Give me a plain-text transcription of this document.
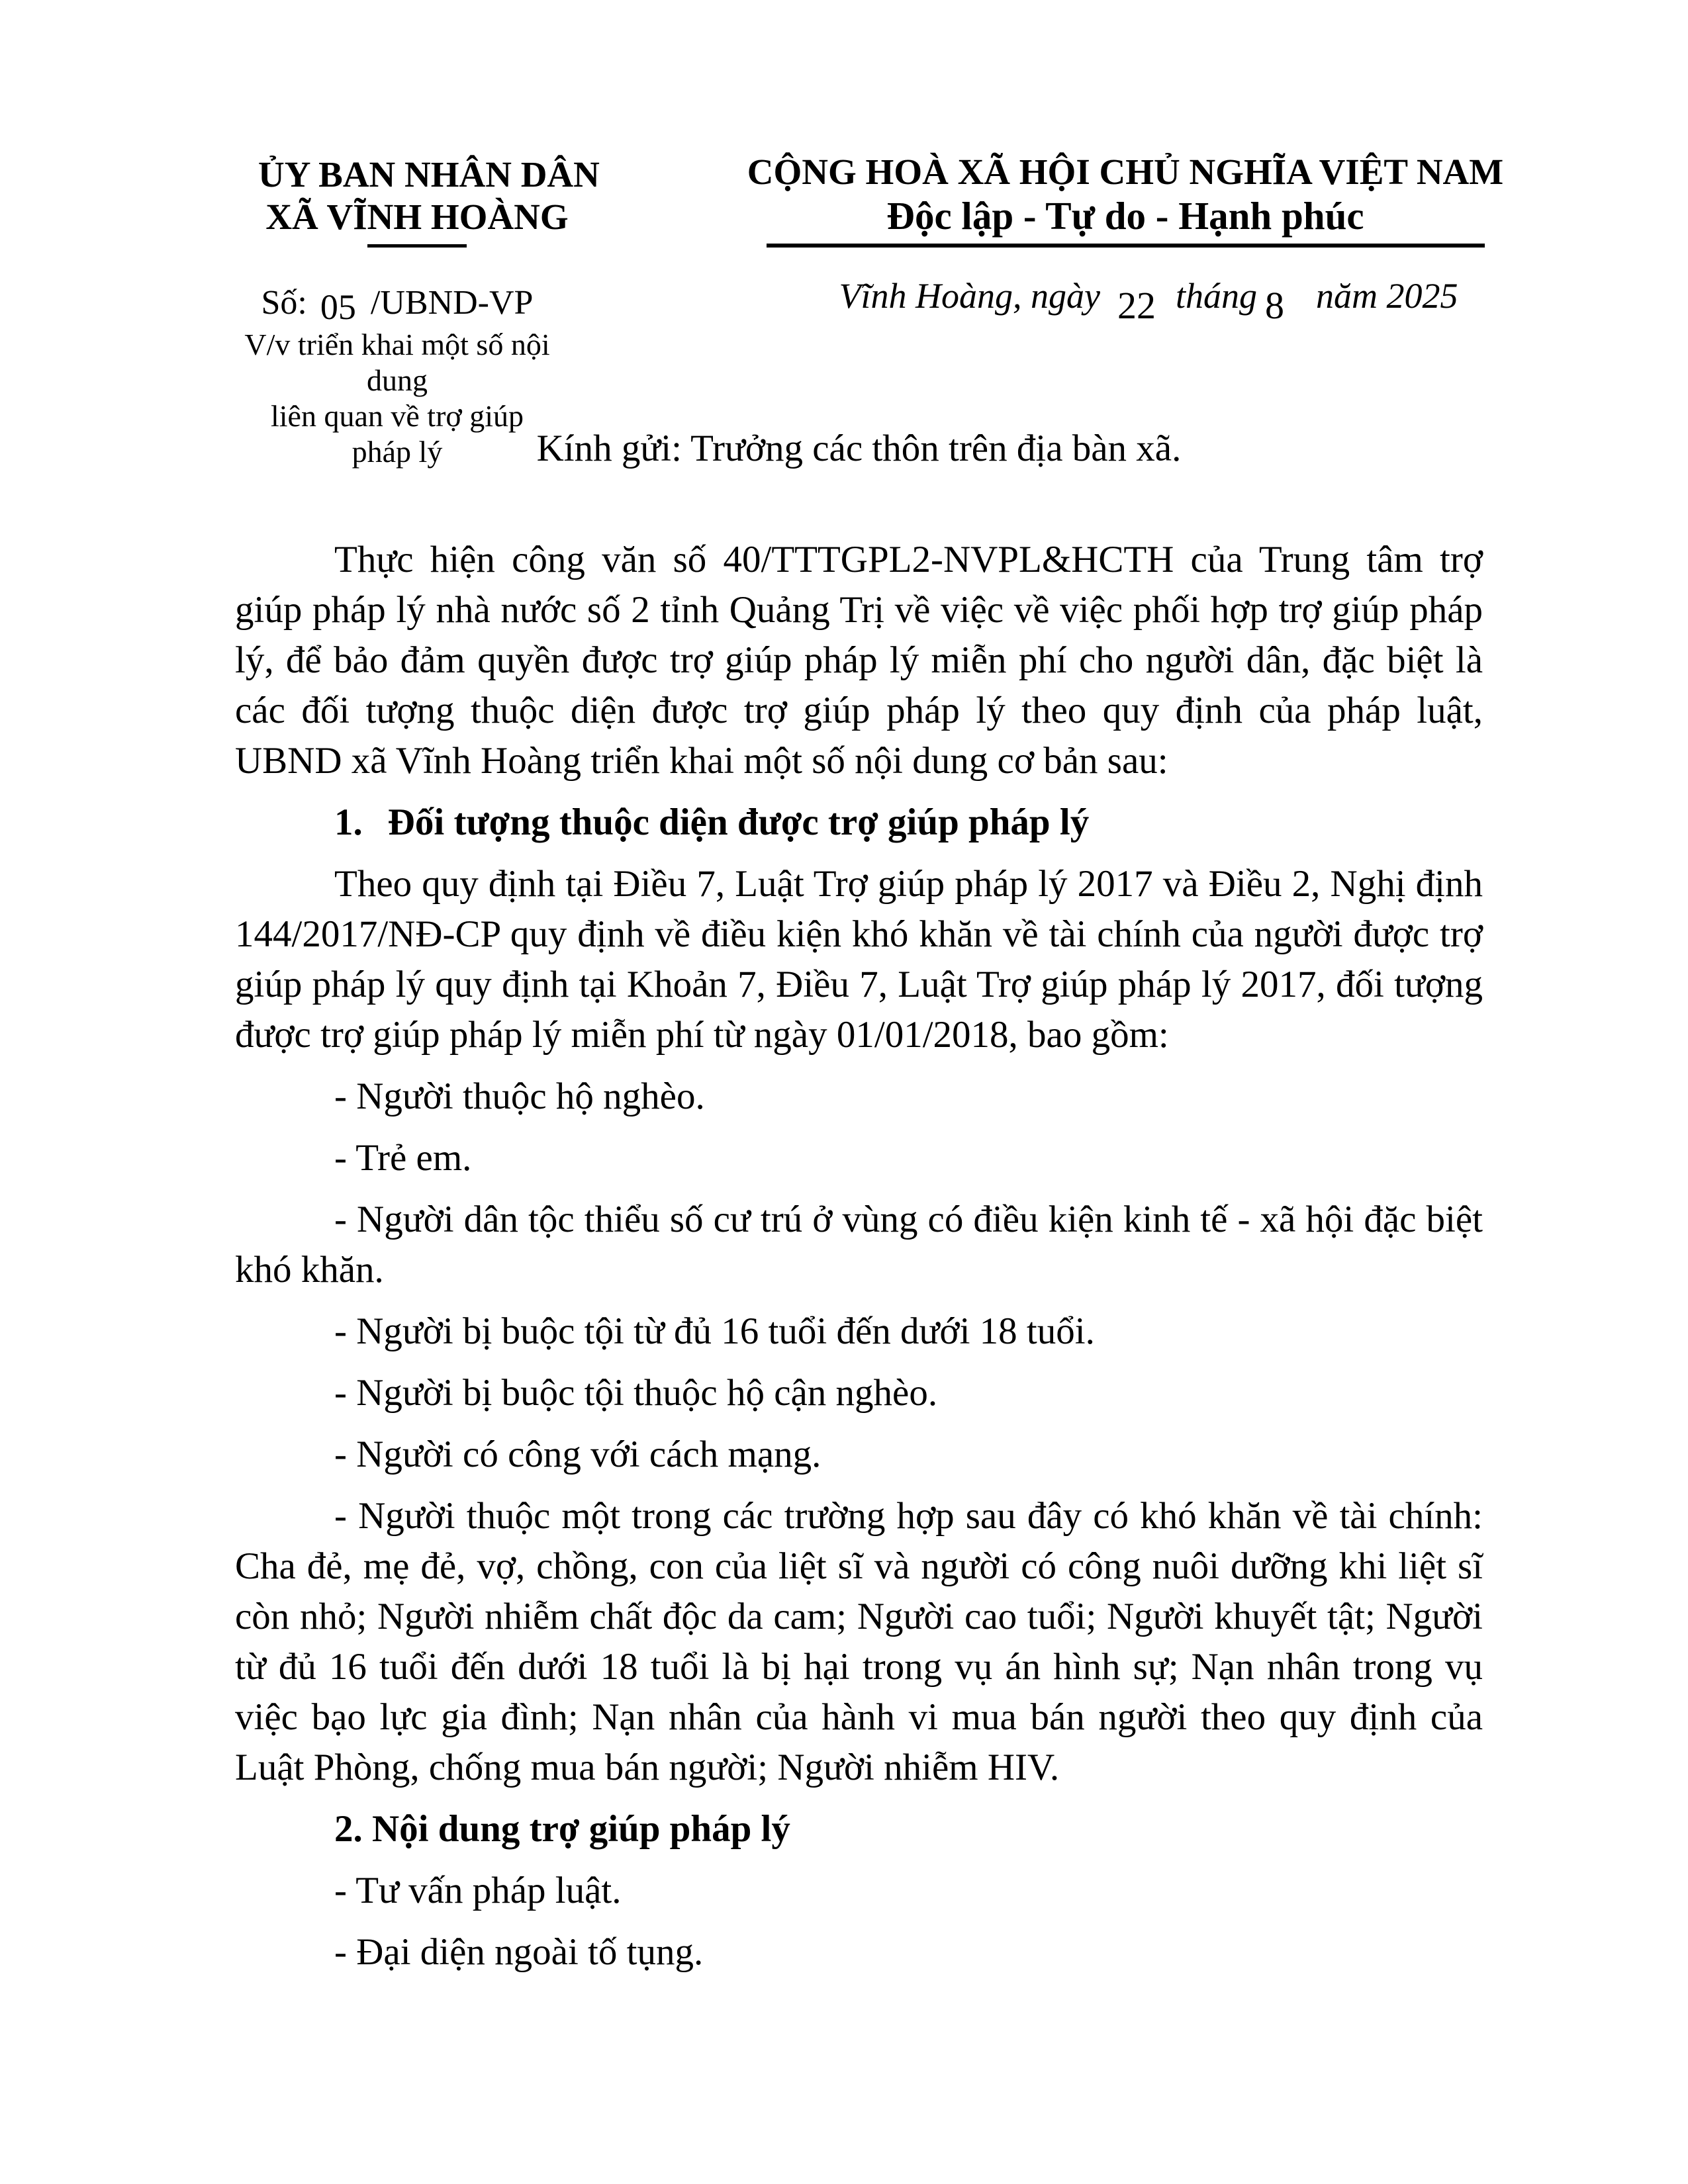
ỦY BAN NHÂN DÂN
XÃ VĨNH HOÀNG
Số: 05 /UBND-VP
V/v triển khai một số nội dung
liên quan về trợ giúp pháp lý
CỘNG HOÀ XÃ HỘI CHỦ NGHĨA VIỆT NAM
Độc lập - Tự do - Hạnh phúc
Vĩnh Hoàng, ngày 22 tháng 8 năm 2025

Kính gửi: Trưởng các thôn trên địa bàn xã.

Thực hiện công văn số 40/TTTGPL2-NVPL&HCTH của Trung tâm trợ giúp pháp lý nhà nước số 2 tỉnh Quảng Trị về việc về việc phối hợp trợ giúp pháp lý, để bảo đảm quyền được trợ giúp pháp lý miễn phí cho người dân, đặc biệt là các đối tượng thuộc diện được trợ giúp pháp lý theo quy định của pháp luật, UBND xã Vĩnh Hoàng triển khai một số nội dung cơ bản sau:

1. Đối tượng thuộc diện được trợ giúp pháp lý

Theo quy định tại Điều 7, Luật Trợ giúp pháp lý 2017 và Điều 2, Nghị định 144/2017/NĐ-CP quy định về điều kiện khó khăn về tài chính của người được trợ giúp pháp lý quy định tại Khoản 7, Điều 7, Luật Trợ giúp pháp lý 2017, đối tượng được trợ giúp pháp lý miễn phí từ ngày 01/01/2018, bao gồm:

- Người thuộc hộ nghèo.

- Trẻ em.

- Người dân tộc thiểu số cư trú ở vùng có điều kiện kinh tế - xã hội đặc biệt khó khăn.

- Người bị buộc tội từ đủ 16 tuổi đến dưới 18 tuổi.

- Người bị buộc tội thuộc hộ cận nghèo.

- Người có công với cách mạng.

- Người thuộc một trong các trường hợp sau đây có khó khăn về tài chính: Cha đẻ, mẹ đẻ, vợ, chồng, con của liệt sĩ và người có công nuôi dưỡng khi liệt sĩ còn nhỏ; Người nhiễm chất độc da cam; Người cao tuổi; Người khuyết tật; Người từ đủ 16 tuổi đến dưới 18 tuổi là bị hại trong vụ án hình sự; Nạn nhân trong vụ việc bạo lực gia đình; Nạn nhân của hành vi mua bán người theo quy định của Luật Phòng, chống mua bán người; Người nhiễm HIV.

2. Nội dung trợ giúp pháp lý

- Tư vấn pháp luật.

- Đại diện ngoài tố tụng.
